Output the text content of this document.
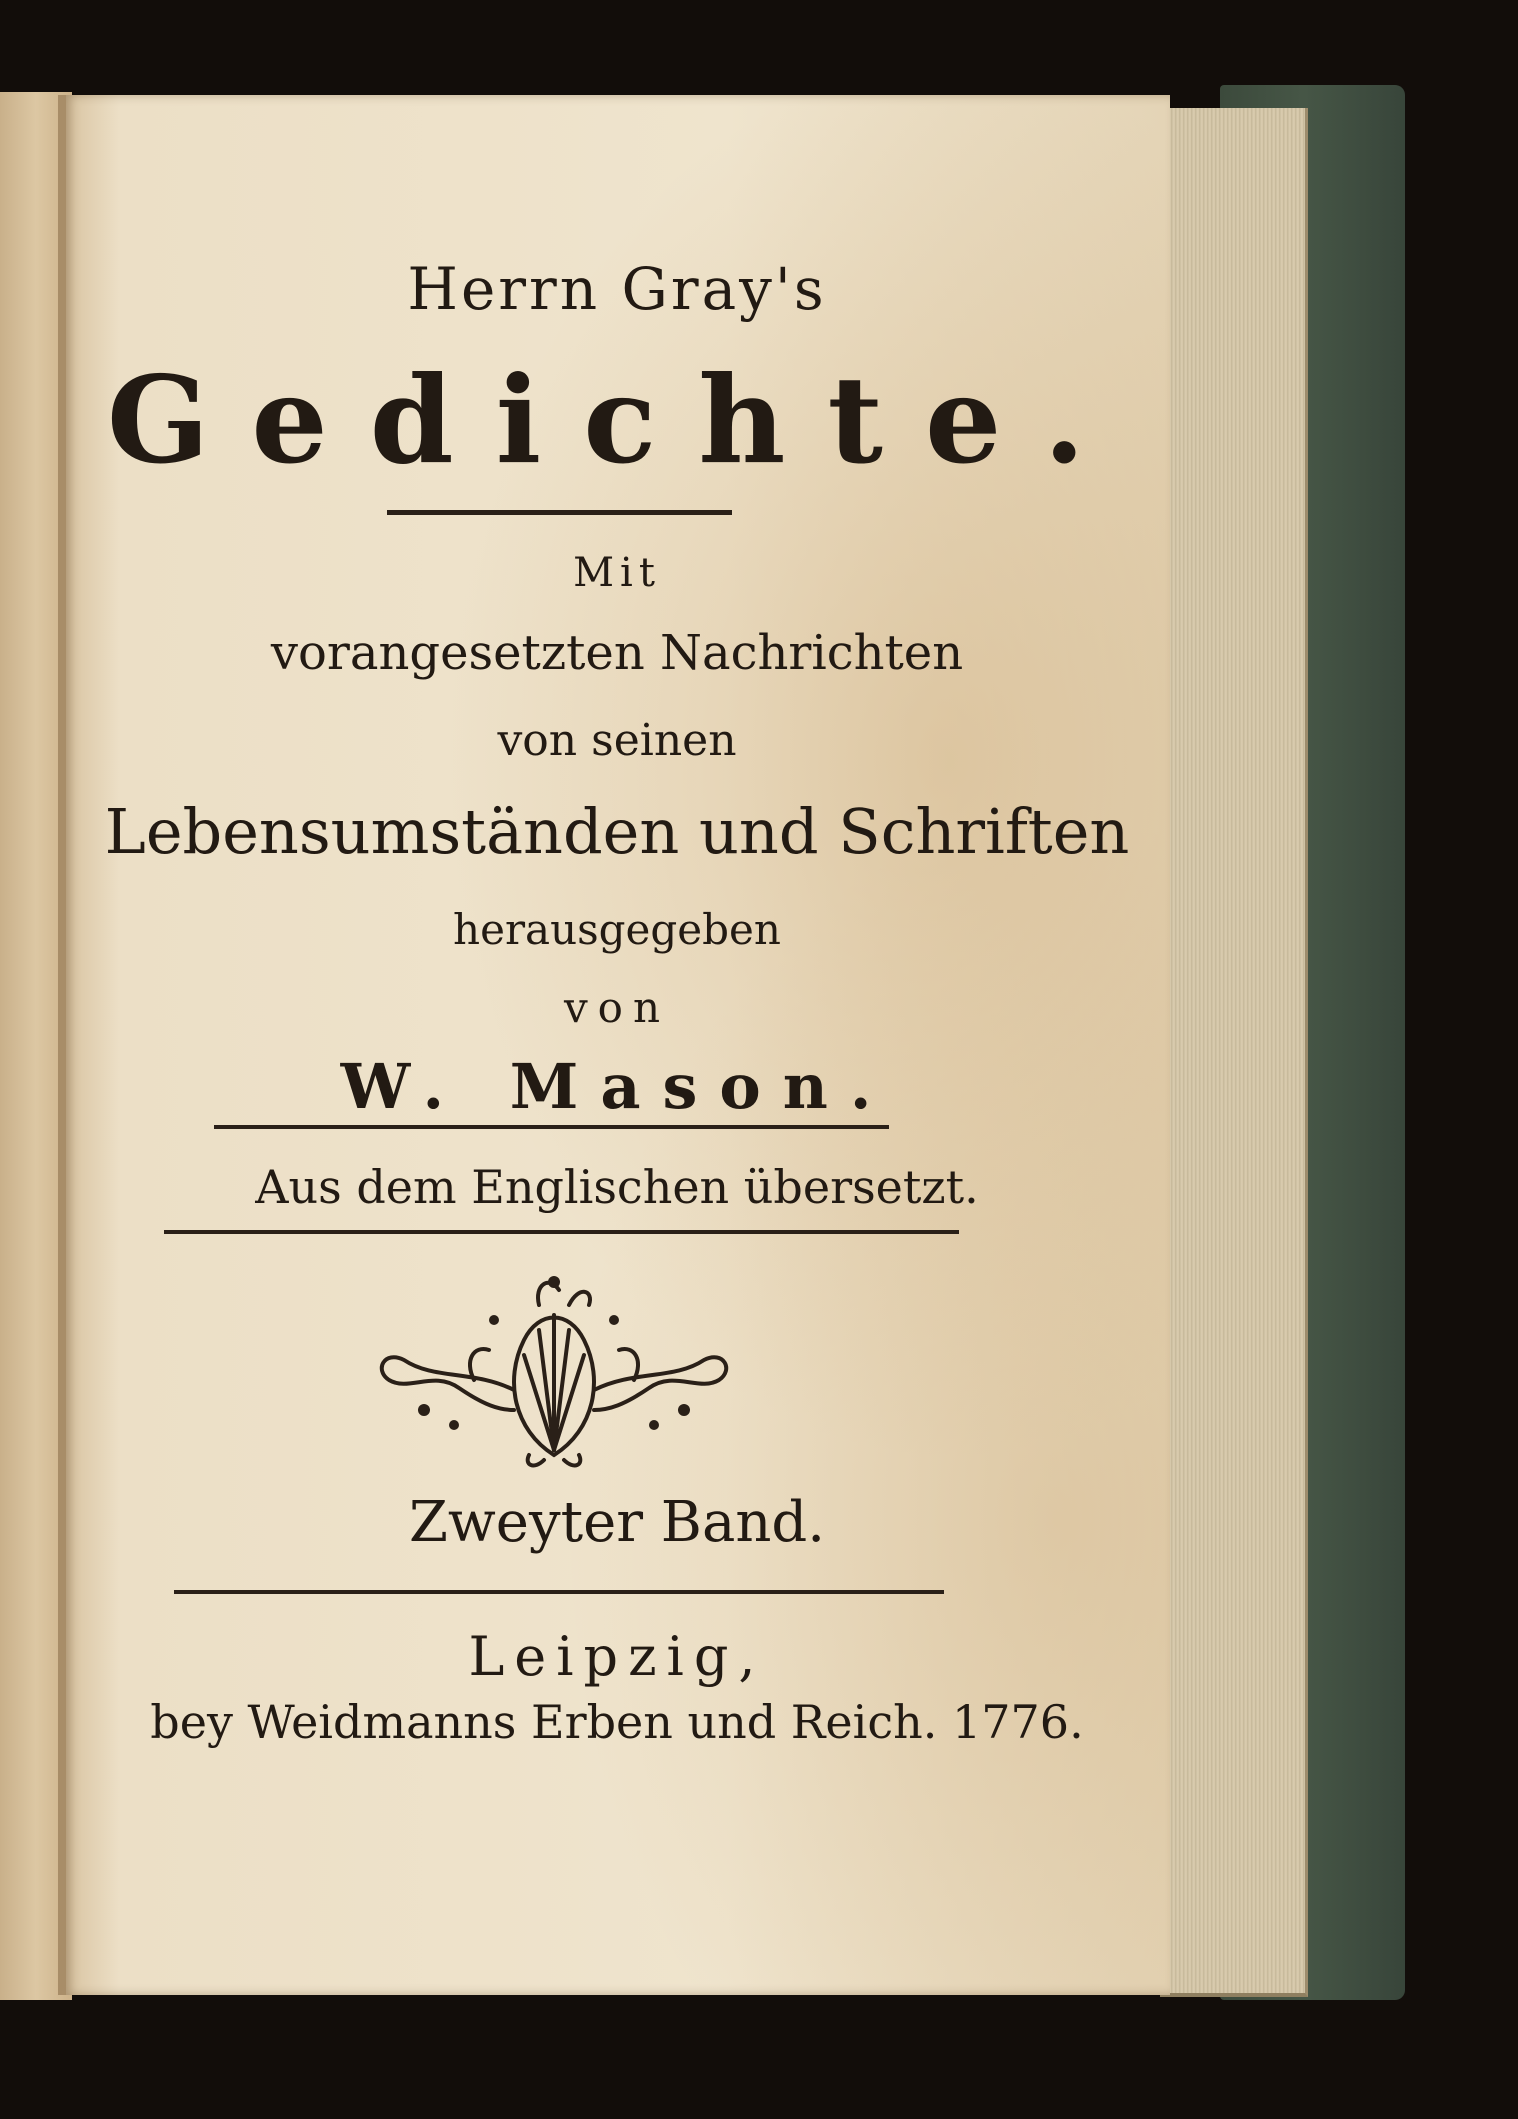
Herrn Gray's
Gedichte.
Mit
vorangesetzten Nachrichten
von seinen
Lebensumständen und Schriften
herausgegeben
von
W. Mason.
Aus dem Englischen übersetzt.
Zweyter Band.
Leipzig,
bey Weidmanns Erben und Reich. 1776.
